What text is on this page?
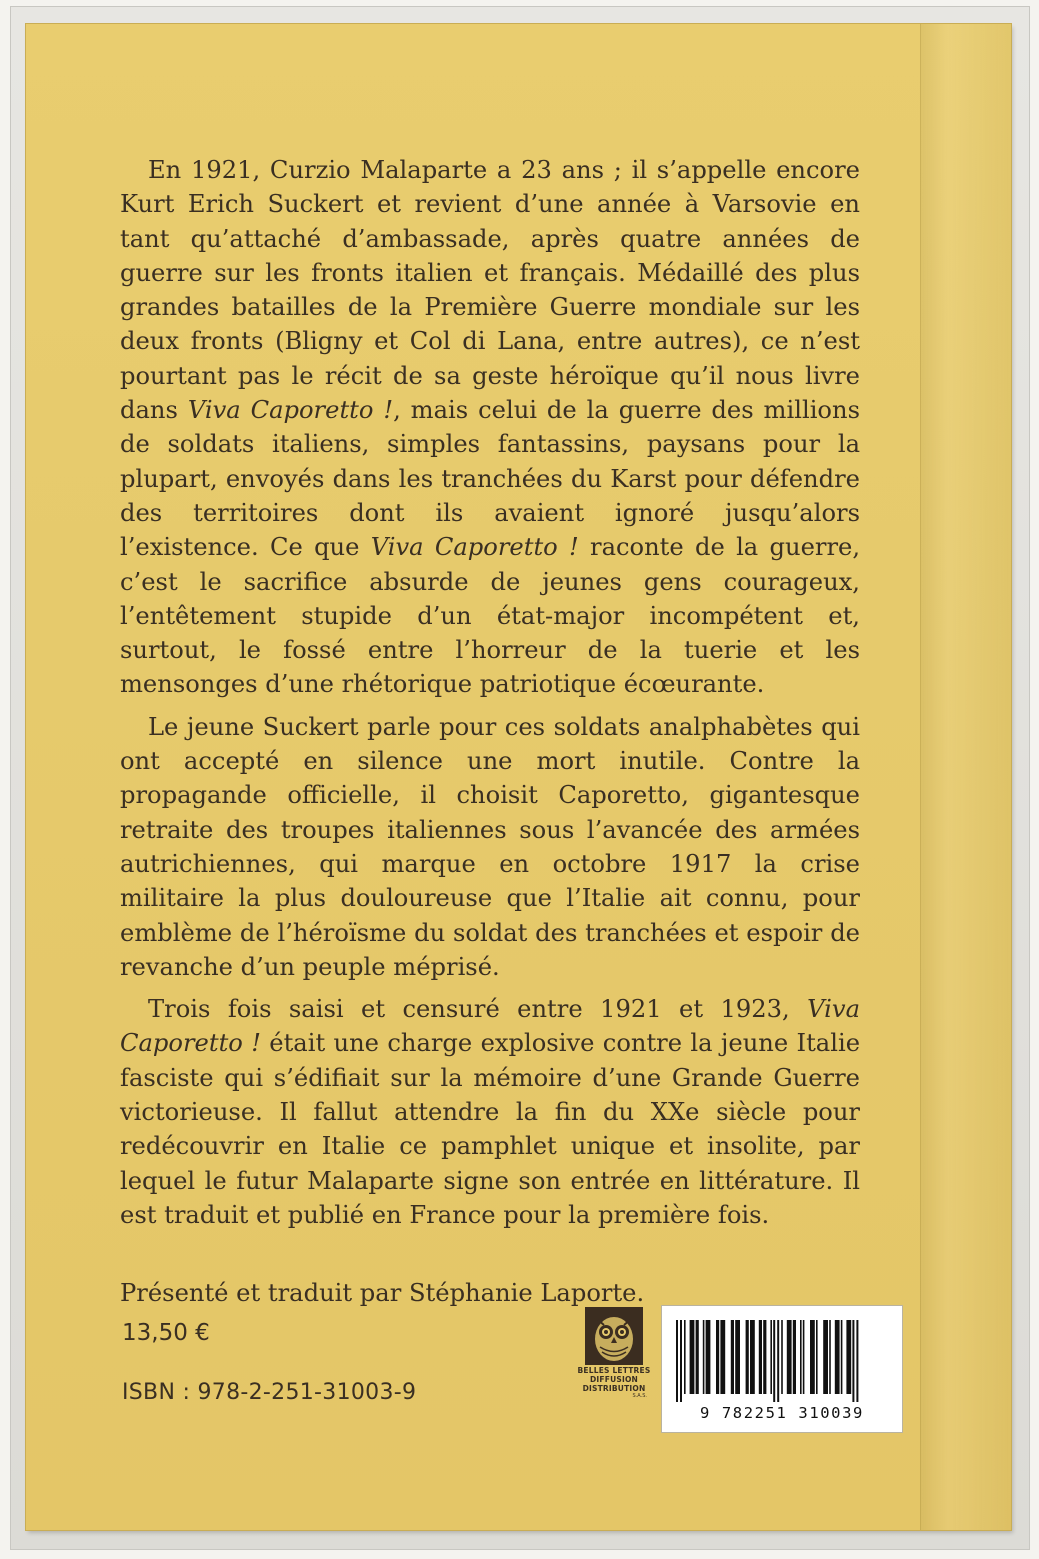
En 1921, Curzio Malaparte a 23 ans ; il s’appelle encore Kurt Erich Suckert et revient d’une année à Varsovie en tant qu’attaché d’ambassade, après quatre années de guerre sur les fronts italien et français. Médaillé des plus grandes batailles de la Première Guerre mondiale sur les deux fronts (Bligny et Col di Lana, entre autres), ce n’est pourtant pas le récit de sa geste héroïque qu’il nous livre dans Viva Caporetto !, mais celui de la guerre des millions de soldats italiens, simples fantassins, paysans pour la plupart, envoyés dans les tranchées du Karst pour défendre des territoires dont ils avaient ignoré jusqu’alors l’existence. Ce que Viva Caporetto ! raconte de la guerre, c’est le sacrifice absurde de jeunes gens courageux, l’entêtement stupide d’un état-major incompétent et, surtout, le fossé entre l’horreur de la tuerie et les mensonges d’une rhétorique patriotique écœurante.

Le jeune Suckert parle pour ces soldats analphabètes qui ont accepté en silence une mort inutile. Contre la propagande officielle, il choisit Caporetto, gigantesque retraite des troupes italiennes sous l’avancée des armées autrichiennes, qui marque en octobre 1917 la crise militaire la plus douloureuse que l’Italie ait connu, pour emblème de l’héroïsme du soldat des tranchées et espoir de revanche d’un peuple méprisé.

Trois fois saisi et censuré entre 1921 et 1923, Viva Caporetto ! était une charge explosive contre la jeune Italie fasciste qui s’édifiait sur la mémoire d’une Grande Guerre victorieuse. Il fallut attendre la fin du XXe siècle pour redécouvrir en Italie ce pamphlet unique et insolite, par lequel le futur Malaparte signe son entrée en littérature. Il est traduit et publié en France pour la première fois.

Présenté et traduit par Stéphanie Laporte.

13,50 €
ISBN : 978-2-251-31003-9
BELLES LETTRES
DIFFUSION
DISTRIBUTION
S.A.S.
9 782251 310039
